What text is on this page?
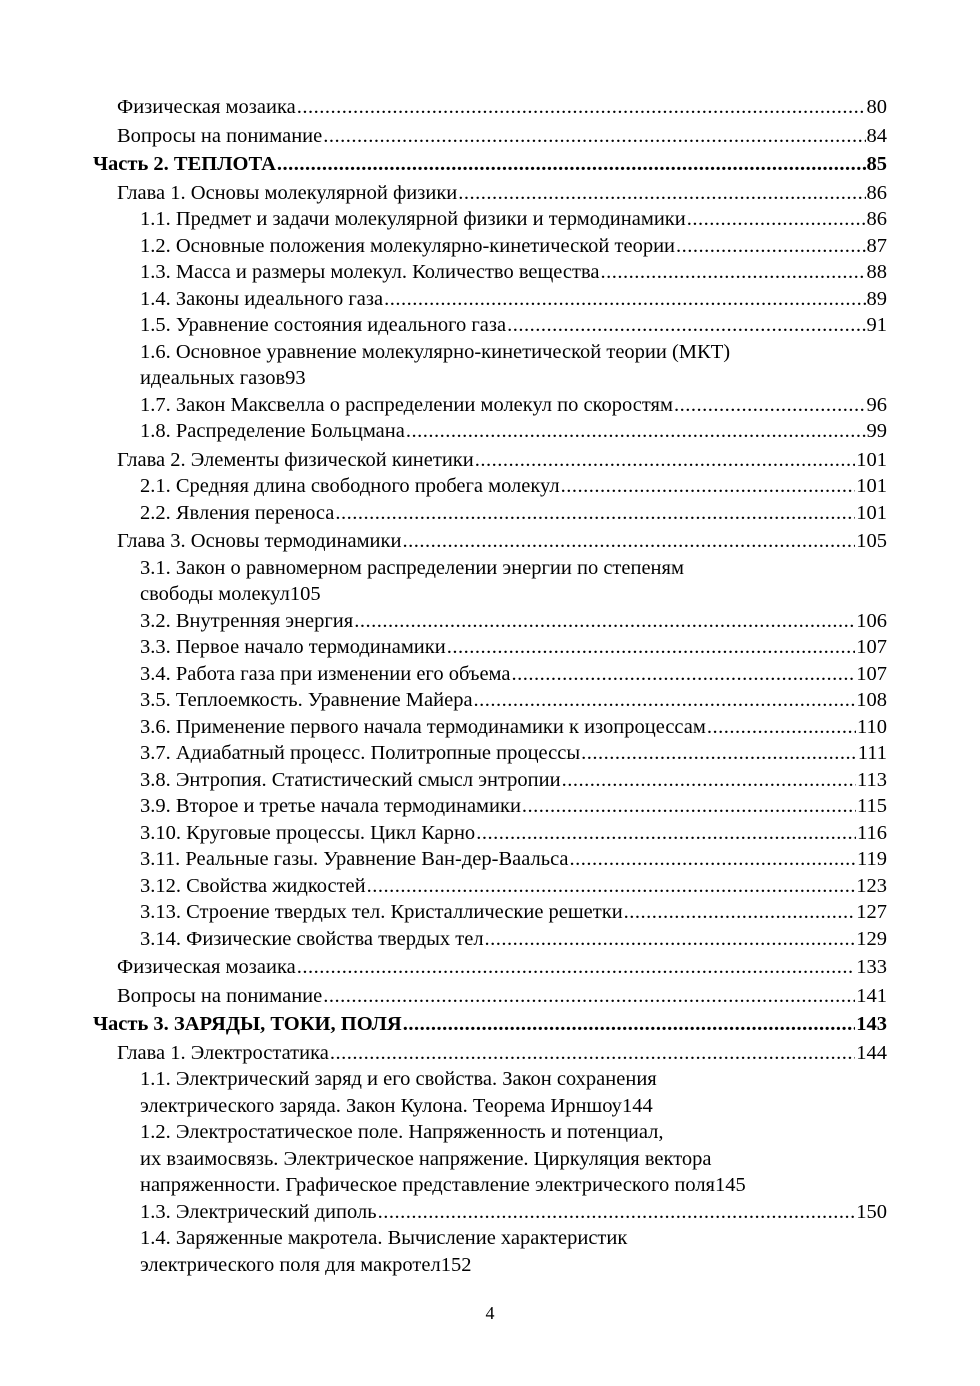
Физическая мозаика .....	80
Вопросы на понимание .....	84
Часть 2. ТЕПЛОТА .....	85
Глава 1. Основы молекулярной физики .....	86
1.1. Предмет и задачи молекулярной физики и термодинамики .....	86
1.2. Основные положения молекулярно-кинетической теории .....	87
1.3. Масса и размеры молекул. Количество вещества .....	88
1.4. Законы идеального газа .....	89
1.5. Уравнение состояния идеального газа .....	91
1.6. Основное уравнение молекулярно-кинетической теории (МКТ)
идеальных газов 93
1.7. Закон Максвелла о распределении молекул по скоростям .....	96
1.8. Распределение Больцмана .....	99
Глава 2. Элементы физической кинетики .....	101
2.1. Средняя длина свободного пробега молекул .....	101
2.2. Явления переноса .....	101
Глава 3. Основы термодинамики .....	105
3.1. Закон о равномерном распределении энергии по степеням
свободы молекул 105
3.2. Внутренняя энергия .....	106
3.3. Первое начало термодинамики .....	107
3.4. Работа газа при изменении его объема .....	107
3.5. Теплоемкость. Уравнение Майера .....	108
3.6. Применение первого начала термодинамики к изопроцессам .....	110
3.7. Адиабатный процесс. Политропные процессы .....	111
3.8. Энтропия. Статистический смысл энтропии .....	113
3.9. Второе и третье начала термодинамики .....	115
3.10. Круговые процессы. Цикл Карно .....	116
3.11. Реальные газы. Уравнение Ван-дер-Ваальса .....	119
3.12. Свойства жидкостей .....	123
3.13. Строение твердых тел. Кристаллические решетки .....	127
3.14. Физические свойства твердых тел .....	129
Физическая мозаика .....	133
Вопросы на понимание .....	141
Часть 3. ЗАРЯДЫ, ТОКИ, ПОЛЯ .....	143
Глава 1. Электростатика .....	144
1.1. Электрический заряд и его свойства. Закон сохранения
электрического заряда. Закон Кулона. Теорема Ирншоу 144
1.2. Электростатическое поле. Напряженность и потенциал,
их взаимосвязь. Электрическое напряжение. Циркуляция вектора
напряженности. Графическое представление электрического поля 145
1.3. Электрический диполь .....	150
1.4. Заряженные макротела. Вычисление характеристик
электрического поля для макротел 152
4
